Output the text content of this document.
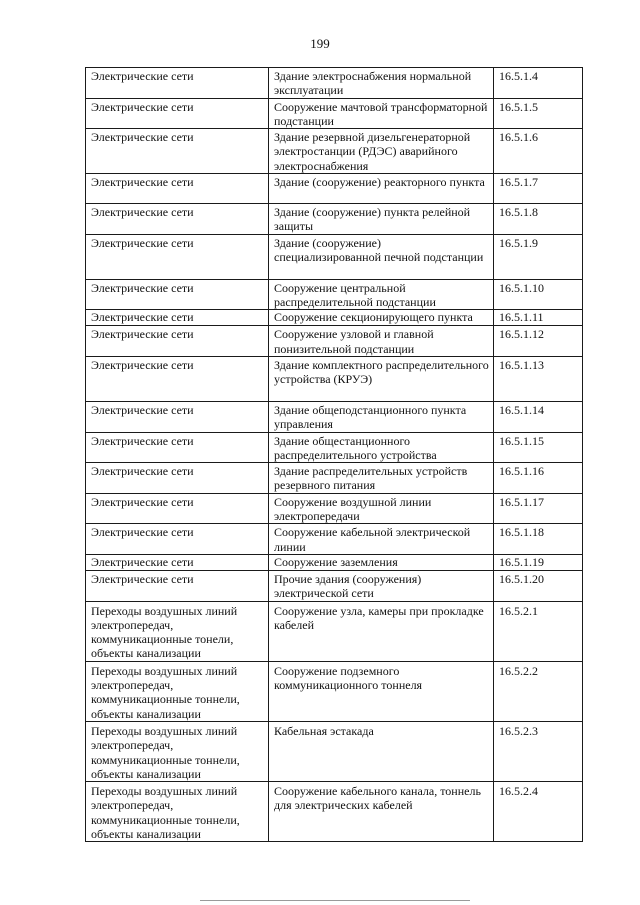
199
Электрические сети	Здание электроснабжения нормальной эксплуатации	16.5.1.4
Электрические сети	Сооружение мачтовой трансформаторной подстанции	16.5.1.5
Электрические сети	Здание резервной дизельгенераторной электростанции (РДЭС) аварийного электроснабжения	16.5.1.6
Электрические сети	Здание (сооружение) реакторного пункта	16.5.1.7
Электрические сети	Здание (сооружение) пункта релейной защиты	16.5.1.8
Электрические сети	Здание (сооружение) специализированной печной подстанции	16.5.1.9
Электрические сети	Сооружение центральной распределительной подстанции	16.5.1.10
Электрические сети	Сооружение секционирующего пункта	16.5.1.11
Электрические сети	Сооружение узловой и главной понизительной подстанции	16.5.1.12
Электрические сети	Здание комплектного распределительного устройства (КРУЭ)	16.5.1.13
Электрические сети	Здание общеподстанционного пункта управления	16.5.1.14
Электрические сети	Здание общестанционного распределительного устройства	16.5.1.15
Электрические сети	Здание распределительных устройств резервного питания	16.5.1.16
Электрические сети	Сооружение воздушной линии электропередачи	16.5.1.17
Электрические сети	Сооружение кабельной электрической линии	16.5.1.18
Электрические сети	Сооружение заземления	16.5.1.19
Электрические сети	Прочие здания (сооружения) электрической сети	16.5.1.20
Переходы воздушных линий электропередач, коммуникационные тонели, объекты канализации	Сооружение узла, камеры при прокладке кабелей	16.5.2.1
Переходы воздушных линий электропередач, коммуникационные тоннели, объекты канализации	Сооружение подземного коммуникационного тоннеля	16.5.2.2
Переходы воздушных линий электропередач, коммуникационные тоннели, объекты канализации	Кабельная эстакада	16.5.2.3
Переходы воздушных линий электропередач, коммуникационные тоннели, объекты канализации	Сооружение кабельного канала, тоннель для электрических кабелей	16.5.2.4
